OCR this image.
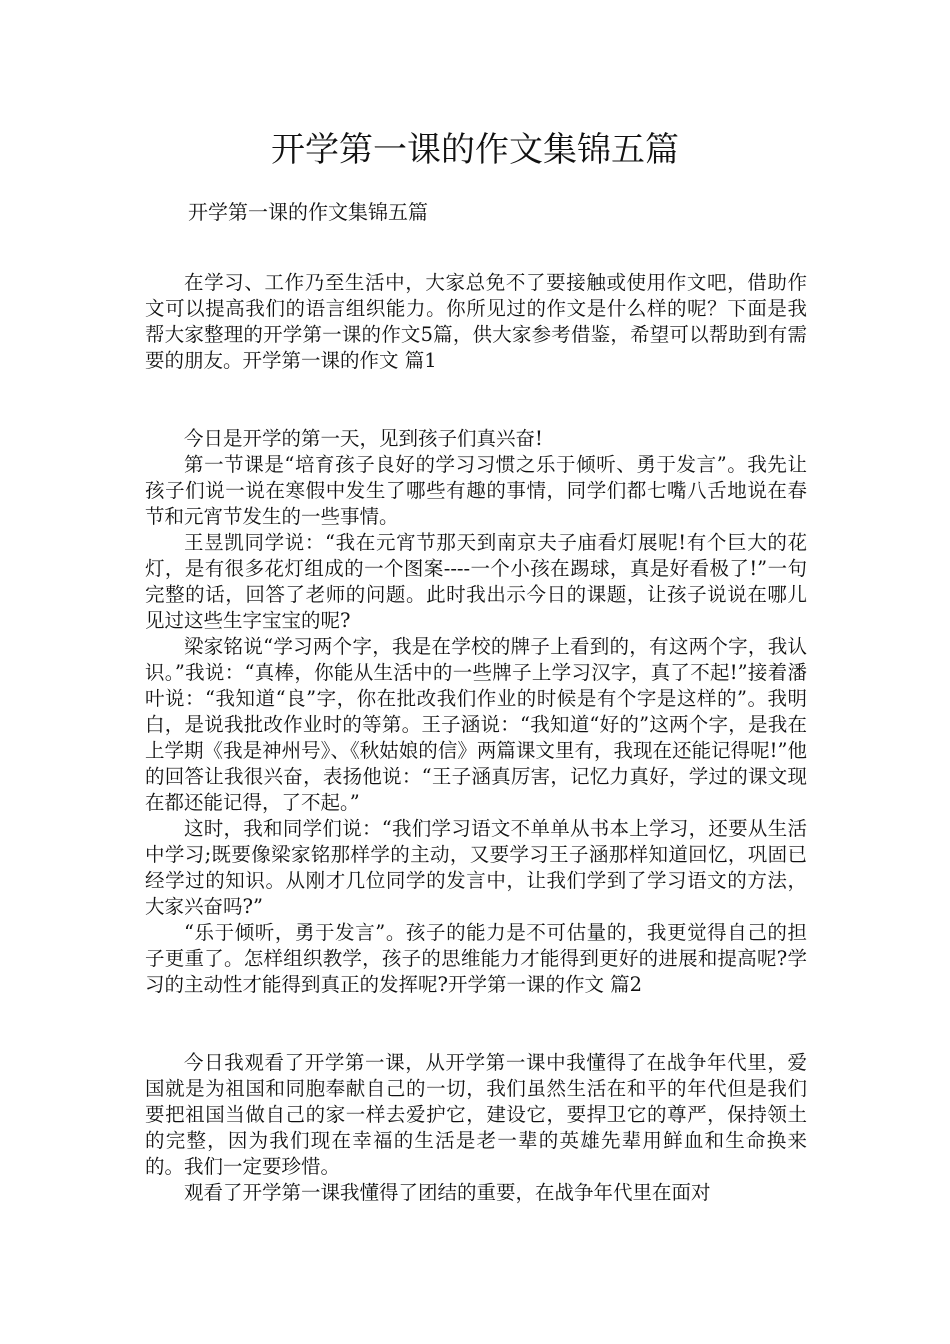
开学第一课的作文集锦五篇

开学第一课的作文集锦五篇

在学习、工作乃至生活中，大家总免不了要接触或使用作文吧，借助作文可以提高我们的语言组织能力。你所见过的作文是什么样的呢？下面是我帮大家整理的开学第一课的作文5篇，供大家参考借鉴，希望可以帮助到有需要的朋友。开学第一课的作文 篇1

今日是开学的第一天，见到孩子们真兴奋!

第一节课是“培育孩子良好的学习习惯之乐于倾听、勇于发言”。我先让孩子们说一说在寒假中发生了哪些有趣的事情，同学们都七嘴八舌地说在春节和元宵节发生的一些事情。

王昱凯同学说：“我在元宵节那天到南京夫子庙看灯展呢!有个巨大的花灯，是有很多花灯组成的一个图案----一个小孩在踢球，真是好看极了!”一句完整的话，回答了老师的问题。此时我出示今日的课题，让孩子说说在哪儿见过这些生字宝宝的呢?

梁家铭说“学习两个字，我是在学校的牌子上看到的，有这两个字，我认识。”我说：“真棒，你能从生活中的一些牌子上学习汉字，真了不起!”接着潘叶说：“我知道“良”字，你在批改我们作业的时候是有个字是这样的”。我明白，是说我批改作业时的等第。王子涵说：“我知道“好的”这两个字，是我在上学期《我是神州号》、《秋姑娘的信》两篇课文里有，我现在还能记得呢!”他的回答让我很兴奋，表扬他说：“王子涵真厉害，记忆力真好，学过的课文现在都还能记得，了不起。”

这时，我和同学们说：“我们学习语文不单单从书本上学习，还要从生活中学习;既要像梁家铭那样学的主动，又要学习王子涵那样知道回忆，巩固已经学过的知识。从刚才几位同学的发言中，让我们学到了学习语文的方法，大家兴奋吗?”

“乐于倾听，勇于发言”。孩子的能力是不可估量的，我更觉得自己的担子更重了。怎样组织教学，孩子的思维能力才能得到更好的进展和提高呢?学习的主动性才能得到真正的发挥呢?开学第一课的作文 篇2

今日我观看了开学第一课，从开学第一课中我懂得了在战争年代里，爱国就是为祖国和同胞奉献自己的一切，我们虽然生活在和平的年代但是我们要把祖国当做自己的家一样去爱护它，建设它，要捍卫它的尊严，保持领土的完整，因为我们现在幸福的生活是老一辈的英雄先辈用鲜血和生命换来的。我们一定要珍惜。

观看了开学第一课我懂得了团结的重要，在战争年代里在面对
